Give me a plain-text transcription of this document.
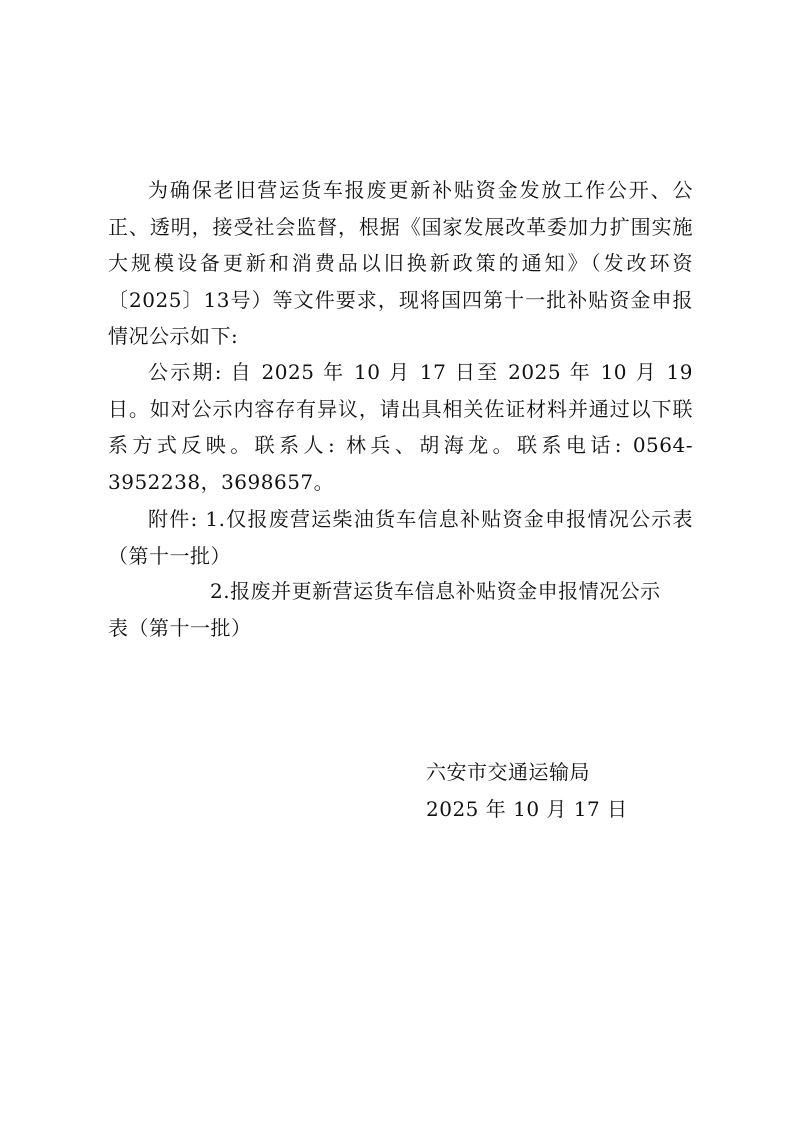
为确保老旧营运货车报废更新补贴资金发放工作公开、公正、透明，接受社会监督，根据《国家发展改革委加力扩围实施大规模设备更新和消费品以旧换新政策的通知》（发改环资〔2025〕13号）等文件要求，现将国四第十一批补贴资金申报情况公示如下:

公示期: 自 2025 年 10 月 17 日至 2025 年 10 月 19 日。如对公示内容存有异议，请出具相关佐证材料并通过以下联系方式反映。联系人: 林兵、胡海龙。联系电话: 0564-3952238，3698657。

附件: 1.仅报废营运柴油货车信息补贴资金申报情况公示表（第十一批）

2.报废并更新营运货车信息补贴资金申报情况公示
表（第十一批）
六安市交通运输局
2025 年 10 月 17 日
